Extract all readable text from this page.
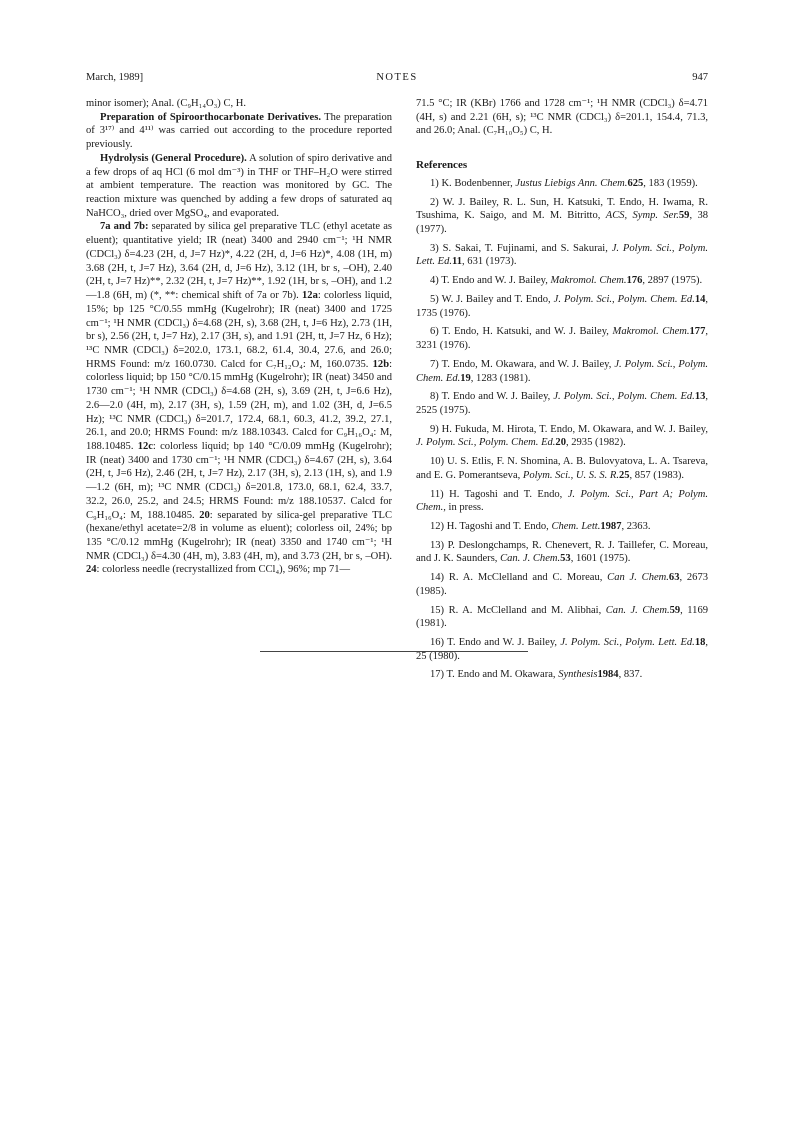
March, 1989]	NOTES	947

minor isomer); Anal. (C₉H₁₄O₃) C, H.

Preparation of Spiroorthocarbonate Derivatives. The preparation of 3¹⁷⁾ and 4¹¹⁾ was carried out according to the procedure reported previously.

Hydrolysis (General Procedure). A solution of spiro derivative and a few drops of aq HCl (6 mol dm⁻³) in THF or THF–H₂O were stirred at ambient temperature. The reaction was monitored by GC. The reaction mixture was quenched by adding a few drops of saturated aq NaHCO₃, dried over MgSO₄, and evaporated.

7a and 7b: separated by silica gel preparative TLC (ethyl acetate as eluent); quantitative yield; IR (neat) 3400 and 2940 cm⁻¹; ¹H NMR (CDCl₃) δ=4.23 (2H, d, J=7 Hz)*, 4.22 (2H, d, J=6 Hz)*, 4.08 (1H, m) 3.68 (2H, t, J=7 Hz), 3.64 (2H, d, J=6 Hz), 3.12 (1H, br s, –OH), 2.40 (2H, t, J=7 Hz)**, 2.32 (2H, t, J=7 Hz)**, 1.92 (1H, br s, –OH), and 1.2—1.8 (6H, m) (*, **: chemical shift of 7a or 7b). 12a: colorless liquid, 15%; bp 125 °C/0.55 mmHg (Kugelrohr); IR (neat) 3400 and 1725 cm⁻¹; ¹H NMR (CDCl₃) δ=4.68 (2H, s), 3.68 (2H, t, J=6 Hz), 2.73 (1H, br s), 2.56 (2H, t, J=7 Hz), 2.17 (3H, s), and 1.91 (2H, tt, J=7 Hz, 6 Hz); ¹³C NMR (CDCl₃) δ=202.0, 173.1, 68.2, 61.4, 30.4, 27.6, and 26.0; HRMS Found: m/z 160.0730. Calcd for C₇H₁₂O₄: M, 160.0735. 12b: colorless liquid; bp 150 °C/0.15 mmHg (Kugelrohr); IR (neat) 3450 and 1730 cm⁻¹; ¹H NMR (CDCl₃) δ=4.68 (2H, s), 3.69 (2H, t, J=6.6 Hz), 2.6—2.0 (4H, m), 2.17 (3H, s), 1.59 (2H, m), and 1.02 (3H, d, J=6.5 Hz); ¹³C NMR (CDCl₃) δ=201.7, 172.4, 68.1, 60.3, 41.2, 39.2, 27.1, 26.1, and 20.0; HRMS Found: m/z 188.10343. Calcd for C₉H₁₆O₄: M, 188.10485. 12c: colorless liquid; bp 140 °C/0.09 mmHg (Kugelrohr); IR (neat) 3400 and 1730 cm⁻¹; ¹H NMR (CDCl₃) δ=4.67 (2H, s), 3.64 (2H, t, J=6 Hz), 2.46 (2H, t, J=7 Hz), 2.17 (3H, s), 2.13 (1H, s), and 1.9—1.2 (6H, m); ¹³C NMR (CDCl₃) δ=201.8, 173.0, 68.1, 62.4, 33.7, 32.2, 26.0, 25.2, and 24.5; HRMS Found: m/z 188.10537. Calcd for C₉H₁₆O₄: M, 188.10485. 20: separated by silica-gel preparative TLC (hexane/ethyl acetate=2/8 in volume as eluent); colorless oil, 24%; bp 135 °C/0.12 mmHg (Kugelrohr); IR (neat) 3350 and 1740 cm⁻¹; ¹H NMR (CDCl₃) δ=4.30 (4H, m), 3.83 (4H, m), and 3.73 (2H, br s, –OH). 24: colorless needle (recrystallized from CCl₄), 96%; mp 71—

71.5 °C; IR (KBr) 1766 and 1728 cm⁻¹; ¹H NMR (CDCl₃) δ=4.71 (4H, s) and 2.21 (6H, s); ¹³C NMR (CDCl₃) δ=201.1, 154.4, 71.3, and 26.0; Anal. (C₇H₁₀O₅) C, H.

References

1) K. Bodenbenner, Justus Liebigs Ann. Chem.625, 183 (1959).

2) W. J. Bailey, R. L. Sun, H. Katsuki, T. Endo, H. Iwama, R. Tsushima, K. Saigo, and M. M. Bitritto, ACS, Symp. Ser.59, 38 (1977).

3) S. Sakai, T. Fujinami, and S. Sakurai, J. Polym. Sci., Polym. Lett. Ed.11, 631 (1973).

4) T. Endo and W. J. Bailey, Makromol. Chem.176, 2897 (1975).

5) W. J. Bailey and T. Endo, J. Polym. Sci., Polym. Chem. Ed.14, 1735 (1976).

6) T. Endo, H. Katsuki, and W. J. Bailey, Makromol. Chem.177, 3231 (1976).

7) T. Endo, M. Okawara, and W. J. Bailey, J. Polym. Sci., Polym. Chem. Ed.19, 1283 (1981).

8) T. Endo and W. J. Bailey, J. Polym. Sci., Polym. Chem. Ed.13, 2525 (1975).

9) H. Fukuda, M. Hirota, T. Endo, M. Okawara, and W. J. Bailey, J. Polym. Sci., Polym. Chem. Ed.20, 2935 (1982).

10) U. S. Etlis, F. N. Shomina, A. B. Bulovyatova, L. A. Tsareva, and E. G. Pomerantseva, Polym. Sci., U. S. S. R.25, 857 (1983).

11) H. Tagoshi and T. Endo, J. Polym. Sci., Part A; Polym. Chem., in press.

12) H. Tagoshi and T. Endo, Chem. Lett.1987, 2363.

13) P. Deslongchamps, R. Chenevert, R. J. Taillefer, C. Moreau, and J. K. Saunders, Can. J. Chem.53, 1601 (1975).

14) R. A. McClelland and C. Moreau, Can J. Chem.63, 2673 (1985).

15) R. A. McClelland and M. Alibhai, Can. J. Chem.59, 1169 (1981).

16) T. Endo and W. J. Bailey, J. Polym. Sci., Polym. Lett. Ed.18, 25 (1980).

17) T. Endo and M. Okawara, Synthesis1984, 837.
